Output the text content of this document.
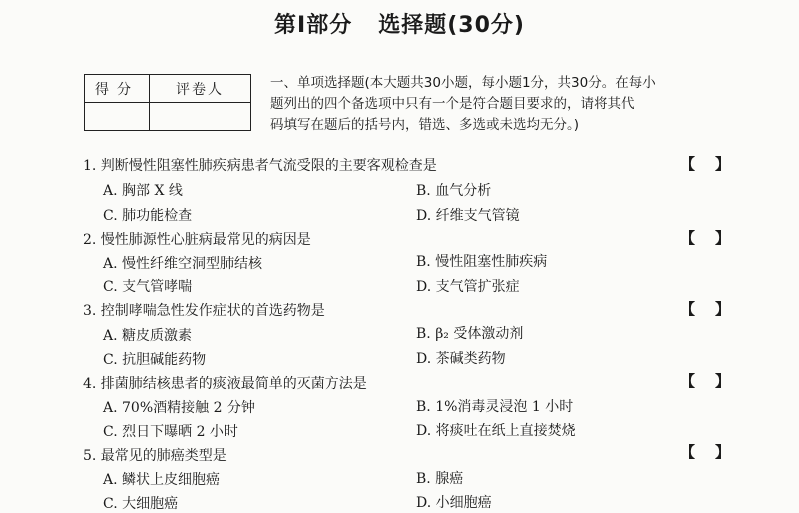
第Ⅰ部分 选择题(30分)
得分	评卷人
		一、单项选择题(本大题共30小题，每小题1分，共30分。在每小
题列出的四个备选项中只有一个是符合题目要求的，请将其代
码填写在题后的括号内，错选、多选或未选均无分。)
1. 判断慢性阻塞性肺疾病患者气流受限的主要客观检查是	【 】
A. 胸部 X 线	B. 血气分析
C. 肺功能检查	D. 纤维支气管镜
2. 慢性肺源性心脏病最常见的病因是	【 】
A. 慢性纤维空洞型肺结核	B. 慢性阻塞性肺疾病
C. 支气管哮喘	D. 支气管扩张症
3. 控制哮喘急性发作症状的首选药物是	【 】
A. 糖皮质激素	B. β₂ 受体激动剂
C. 抗胆碱能药物	D. 茶碱类药物
4. 排菌肺结核患者的痰液最简单的灭菌方法是	【 】
A. 70%酒精接触 2 分钟	B. 1%消毒灵浸泡 1 小时
C. 烈日下曝晒 2 小时	D. 将痰吐在纸上直接焚烧
5. 最常见的肺癌类型是	【 】
A. 鳞状上皮细胞癌	B. 腺癌
C. 大细胞癌	D. 小细胞癌
